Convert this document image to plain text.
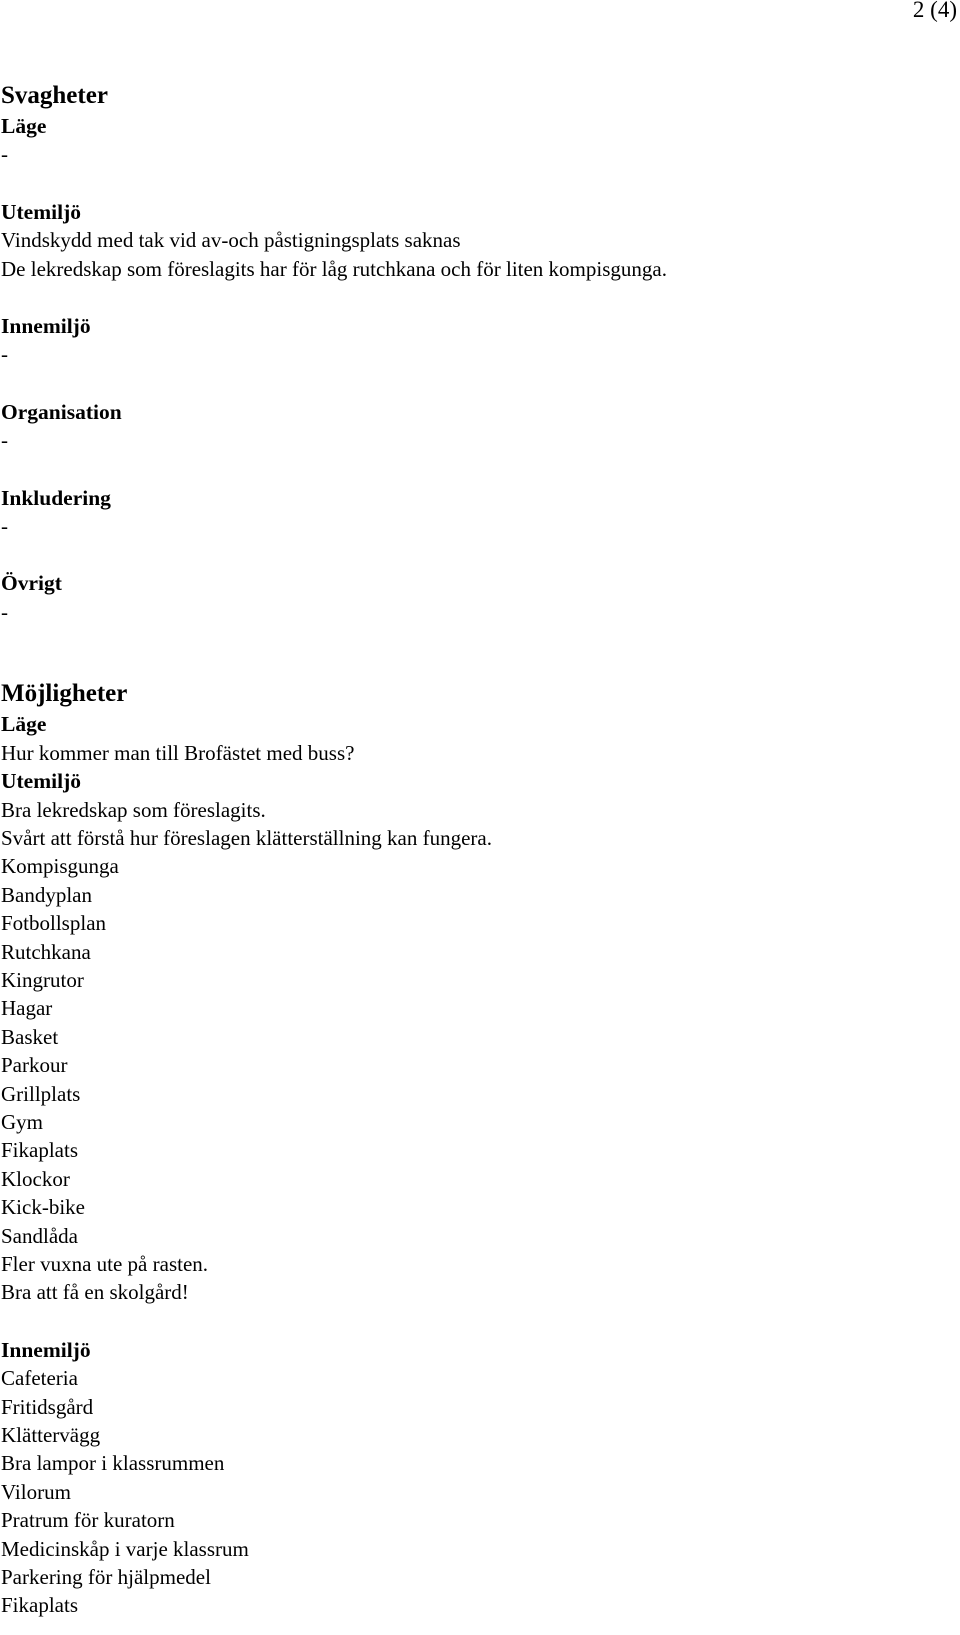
2 (4)
Svagheter
Läge
-
Utemiljö
Vindskydd med tak vid av-och påstigningsplats saknas
De lekredskap som föreslagits har för låg rutchkana och för liten kompisgunga.
Innemiljö
-
Organisation
-
Inkludering
-
Övrigt
-
Möjligheter
Läge
Hur kommer man till Brofästet med buss?
Utemiljö
Bra lekredskap som föreslagits.
Svårt att förstå hur föreslagen klätterställning kan fungera.
Kompisgunga
Bandyplan
Fotbollsplan
Rutchkana
Kingrutor
Hagar
Basket
Parkour
Grillplats
Gym
Fikaplats
Klockor
Kick-bike
Sandlåda
Fler vuxna ute på rasten.
Bra att få en skolgård!
Innemiljö
Cafeteria
Fritidsgård
Klättervägg
Bra lampor i klassrummen
Vilorum
Pratrum för kuratorn
Medicinskåp i varje klassrum
Parkering för hjälpmedel
Fikaplats
